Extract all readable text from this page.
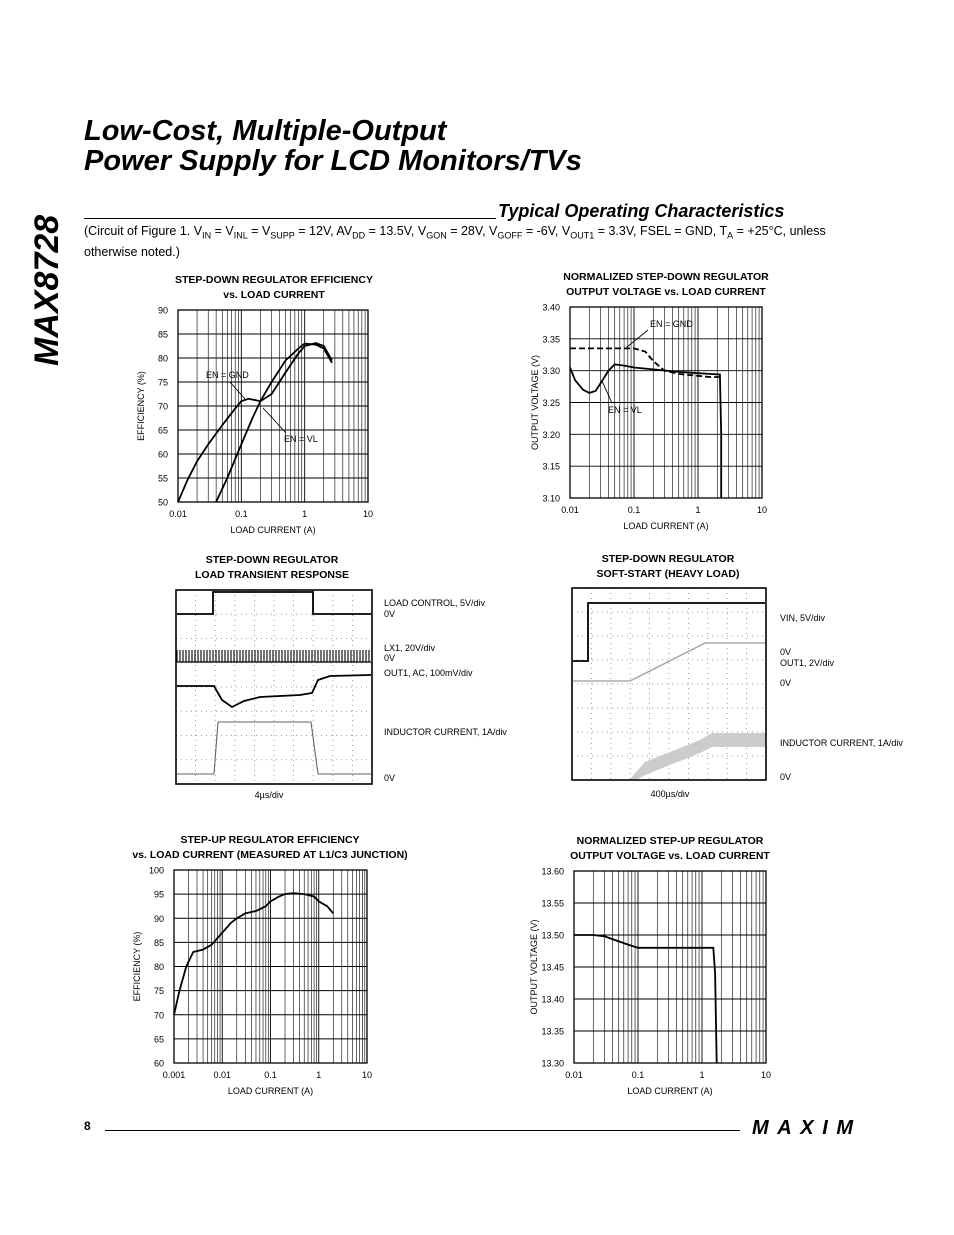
MAX8728
Low-Cost, Multiple-Output
Power Supply for LCD Monitors/TVs
Typical Operating Characteristics
(Circuit of Figure 1. $V_{IN} = V_{INL} = V_{SUPP} = 12V$, $AV_{DD} = 13.5V$, $V_{GON} = 28V$, $V_{GOFF} = -6V$, $V_{OUT1} = 3.3V$, FSEL = GND, $T_A = +25^\circ C$, unless otherwise noted.)
STEP-DOWN REGULATOR EFFICIENCY
vs. LOAD CURRENT
50
55
60
65
70
75
80
85
90
0.01	0.1	1	10
LOAD CURRENT (A)
EFFICIENCY (%)	EN = GND
EN = VL
NORMALIZED STEP-DOWN REGULATOR
OUTPUT VOLTAGE vs. LOAD CURRENT
3.10
3.15
3.20
3.25
3.30
3.35
3.40
0.01	0.1	1	10
LOAD CURRENT (A)
OUTPUT VOLTAGE (V)
EN = GND
EN = VL
STEP-DOWN REGULATOR
LOAD TRANSIENT RESPONSE
LOAD CONTROL, 5V/div
0V
LX1, 20V/div
0V
OUT1, AC, 100mV/div
INDUCTOR CURRENT, 1A/div
0V
4µs/div
STEP-DOWN REGULATOR
SOFT-START (HEAVY LOAD)
VIN, 5V/div
0V
OUT1, 2V/div
0V
INDUCTOR CURRENT, 1A/div
0V
400µs/div
STEP-UP REGULATOR EFFICIENCY
vs. LOAD CURRENT (MEASURED AT L1/C3 JUNCTION)
60
65
70
75
80
85
90
95
100
0.001	0.01	0.1	1	10
LOAD CURRENT (A)
EFFICIENCY (%)
NORMALIZED STEP-UP REGULATOR
OUTPUT VOLTAGE vs. LOAD CURRENT
13.30
13.35
13.40
13.45
13.50
13.55
13.60
0.01	0.1	1	10
LOAD CURRENT (A)
OUTPUT VOLTAGE (V)
8	MAXIM
